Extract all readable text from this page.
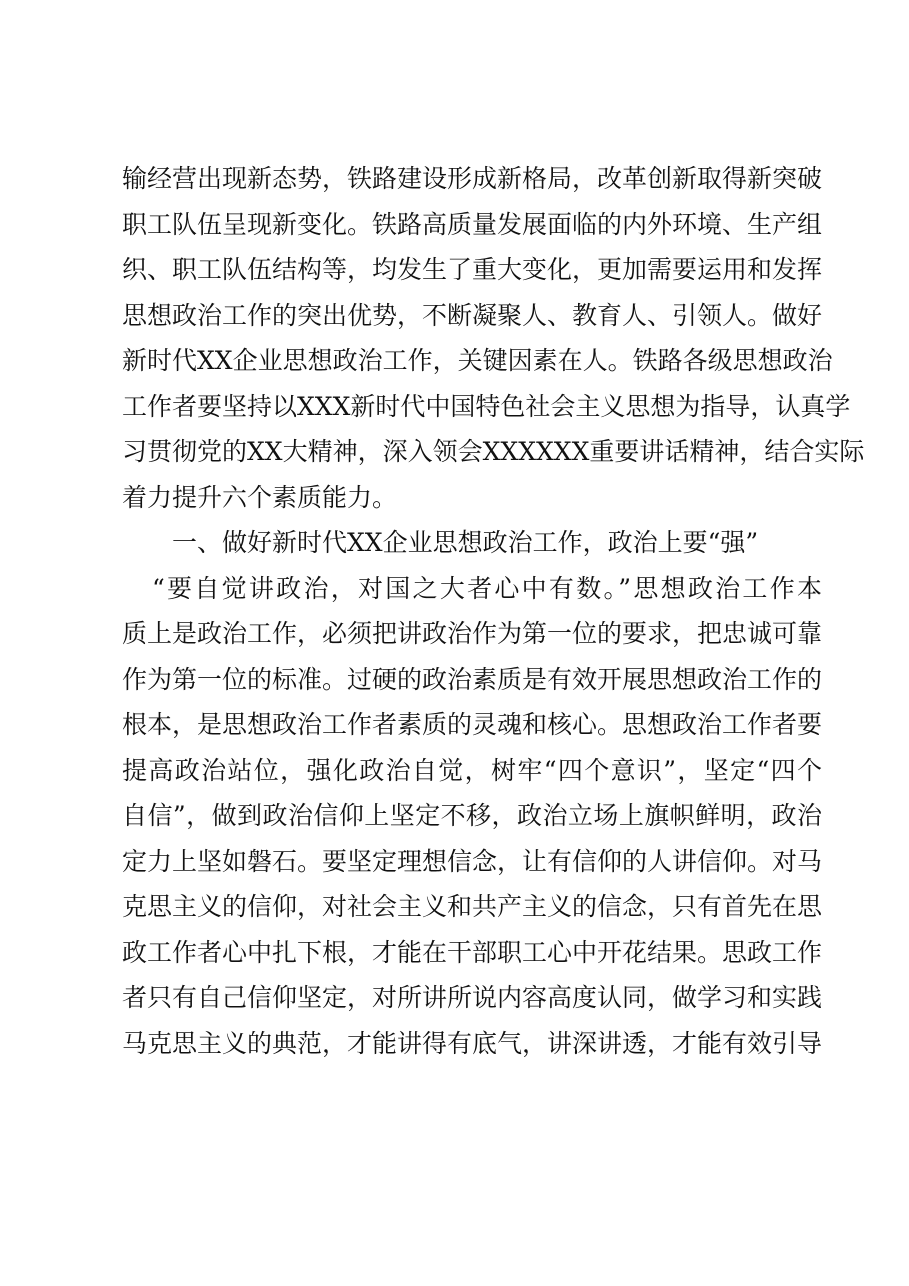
输经营出现新态势，铁路建设形成新格局，改革创新取得新突破
职工队伍呈现新变化。铁路高质量发展面临的内外环境、生产组
织、职工队伍结构等，均发生了重大变化，更加需要运用和发挥
思想政治工作的突出优势，不断凝聚人、教育人、引领人。做好
新时代XX企业思想政治工作，关键因素在人。铁路各级思想政治
工作者要坚持以XXX新时代中国特色社会主义思想为指导，认真学
习贯彻党的XX大精神，深入领会XXXXXX重要讲话精神，结合实际
着力提升六个素质能力。
一、做好新时代XX企业思想政治工作，政治上要“强”
“要自觉讲政治，对国之大者心中有数。”思想政治工作本
质上是政治工作，必须把讲政治作为第一位的要求，把忠诚可靠
作为第一位的标准。过硬的政治素质是有效开展思想政治工作的
根本，是思想政治工作者素质的灵魂和核心。思想政治工作者要
提高政治站位，强化政治自觉，树牢“四个意识”，坚定“四个
自信”，做到政治信仰上坚定不移，政治立场上旗帜鲜明，政治
定力上坚如磐石。要坚定理想信念，让有信仰的人讲信仰。对马
克思主义的信仰，对社会主义和共产主义的信念，只有首先在思
政工作者心中扎下根，才能在干部职工心中开花结果。思政工作
者只有自己信仰坚定，对所讲所说内容高度认同，做学习和实践
马克思主义的典范，才能讲得有底气，讲深讲透，才能有效引导
